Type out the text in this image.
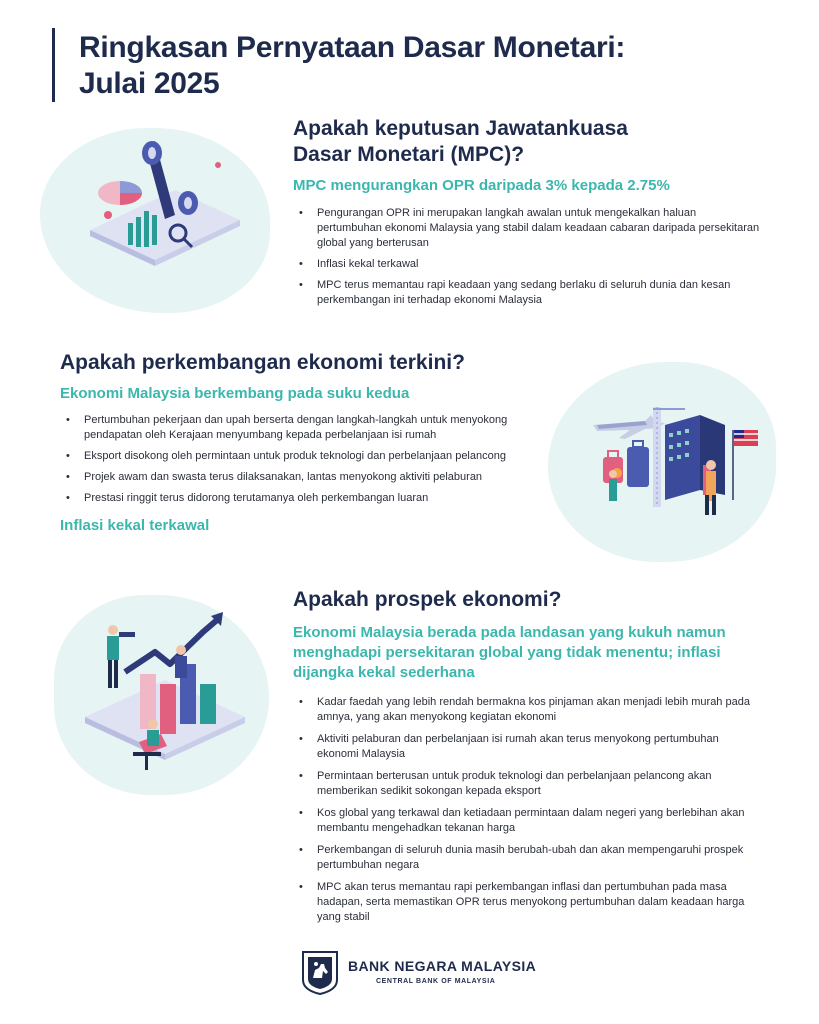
Ringkasan Pernyataan Dasar Monetari:
Julai 2025
Apakah keputusan Jawatankuasa
Dasar Monetari (MPC)?

MPC mengurangkan OPR daripada 3% kepada 2.75%

• Pengurangan OPR ini merupakan langkah awalan untuk mengekalkan haluan pertumbuhan ekonomi Malaysia yang stabil dalam keadaan cabaran daripada persekitaran global yang berterusan
• Inflasi kekal terkawal
• MPC terus memantau rapi keadaan yang sedang berlaku di seluruh dunia dan kesan perkembangan ini terhadap ekonomi Malaysia
Apakah perkembangan ekonomi terkini?

Ekonomi Malaysia berkembang pada suku kedua

• Pertumbuhan pekerjaan dan upah berserta dengan langkah-langkah untuk menyokong pendapatan oleh Kerajaan menyumbang kepada perbelanjaan isi rumah
• Eksport disokong oleh permintaan untuk produk teknologi dan perbelanjaan pelancong
• Projek awam dan swasta terus dilaksanakan, lantas menyokong aktiviti pelaburan
• Prestasi ringgit terus didorong terutamanya oleh perkembangan luaran

Inflasi kekal terkawal

Apakah prospek ekonomi?

Ekonomi Malaysia berada pada landasan yang kukuh namun menghadapi persekitaran global yang tidak menentu; inflasi dijangka kekal sederhana

• Kadar faedah yang lebih rendah bermakna kos pinjaman akan menjadi lebih murah pada amnya, yang akan menyokong kegiatan ekonomi
• Aktiviti pelaburan dan perbelanjaan isi rumah akan terus menyokong pertumbuhan ekonomi Malaysia
• Permintaan berterusan untuk produk teknologi dan perbelanjaan pelancong akan memberikan sedikit sokongan kepada eksport
• Kos global yang terkawal dan ketiadaan permintaan dalam negeri yang berlebihan akan membantu mengehadkan tekanan harga
• Perkembangan di seluruh dunia masih berubah-ubah dan akan mempengaruhi prospek pertumbuhan negara
• MPC akan terus memantau rapi perkembangan inflasi dan pertumbuhan pada masa hadapan, serta memastikan OPR terus menyokong pertumbuhan dalam keadaan harga yang stabil

BANK NEGARA MALAYSIA

CENTRAL BANK OF MALAYSIA
